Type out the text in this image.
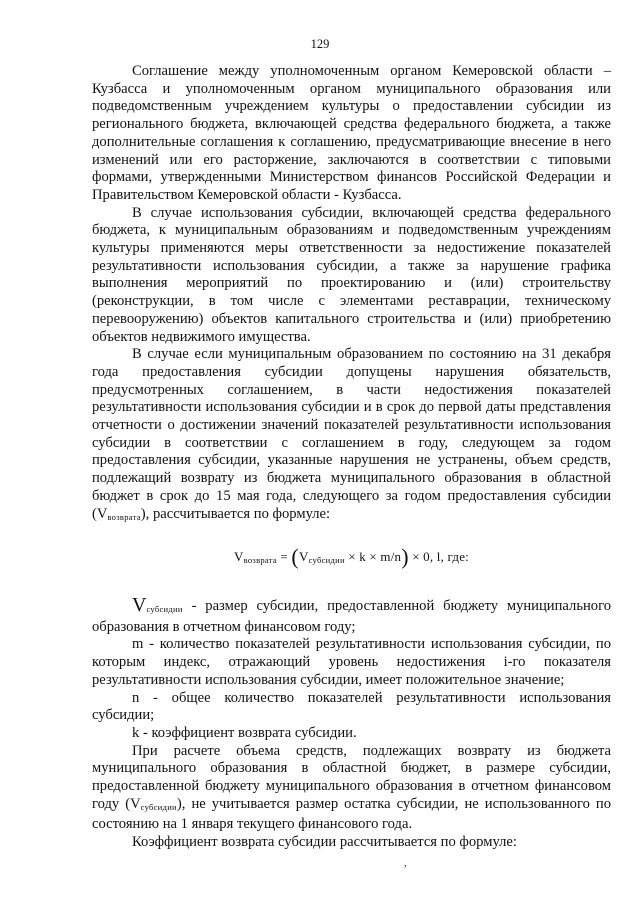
129

Соглашение между уполномоченным органом Кемеровской области – Кузбасса и уполномоченным органом муниципального образования или подведомственным учреждением культуры о предоставлении субсидии из регионального бюджета, включающей средства федерального бюджета, а также дополнительные соглашения к соглашению, предусматривающие внесение в него изменений или его расторжение, заключаются в соответствии с типовыми формами, утвержденными Министерством финансов Российской Федерации и Правительством Кемеровской области - Кузбасса.

В случае использования субсидии, включающей средства федерального бюджета, к муниципальным образованиям и подведомственным учреждениям культуры применяются меры ответственности за недостижение показателей результативности использования субсидии, а также за нарушение графика выполнения мероприятий по проектированию и (или) строительству (реконструкции, в том числе с элементами реставрации, техническому перевооружению) объектов капитального строительства и (или) приобретению объектов недвижимого имущества.

В случае если муниципальным образованием по состоянию на 31 декабря года предоставления субсидии допущены нарушения обязательств, предусмотренных соглашением, в части недостижения показателей результативности использования субсидии и в срок до первой даты представления отчетности о достижении значений показателей результативности использования субсидии в соответствии с соглашением в году, следующем за годом предоставления субсидии, указанные нарушения не устранены, объем средств, подлежащий возврату из бюджета муниципального образования в областной бюджет в срок до 15 мая года, следующего за годом предоставления субсидии $(V_{возврата})$, рассчитывается по формуле:

$V_{возврата} = (V_{субсидии} \times k \times m/n) \times 0$, l, где:

$V_{субсидии}$ - размер субсидии, предоставленной бюджету муниципального образования в отчетном финансовом году;

m - количество показателей результативности использования субсидии, по которым индекс, отражающий уровень недостижения i-го показателя результативности использования субсидии, имеет положительное значение;

n - общее количество показателей результативности использования субсидии;

k - коэффициент возврата субсидии.

При расчете объема средств, подлежащих возврату из бюджета муниципального образования в областной бюджет, в размере субсидии, предоставленной бюджету муниципального образования в отчетном финансовом году $(V_{субсидии})$, не учитывается размер остатка субсидии, не использованного по состоянию на 1 января текущего финансового года.

Коэффициент возврата субсидии рассчитывается по формуле:

,
